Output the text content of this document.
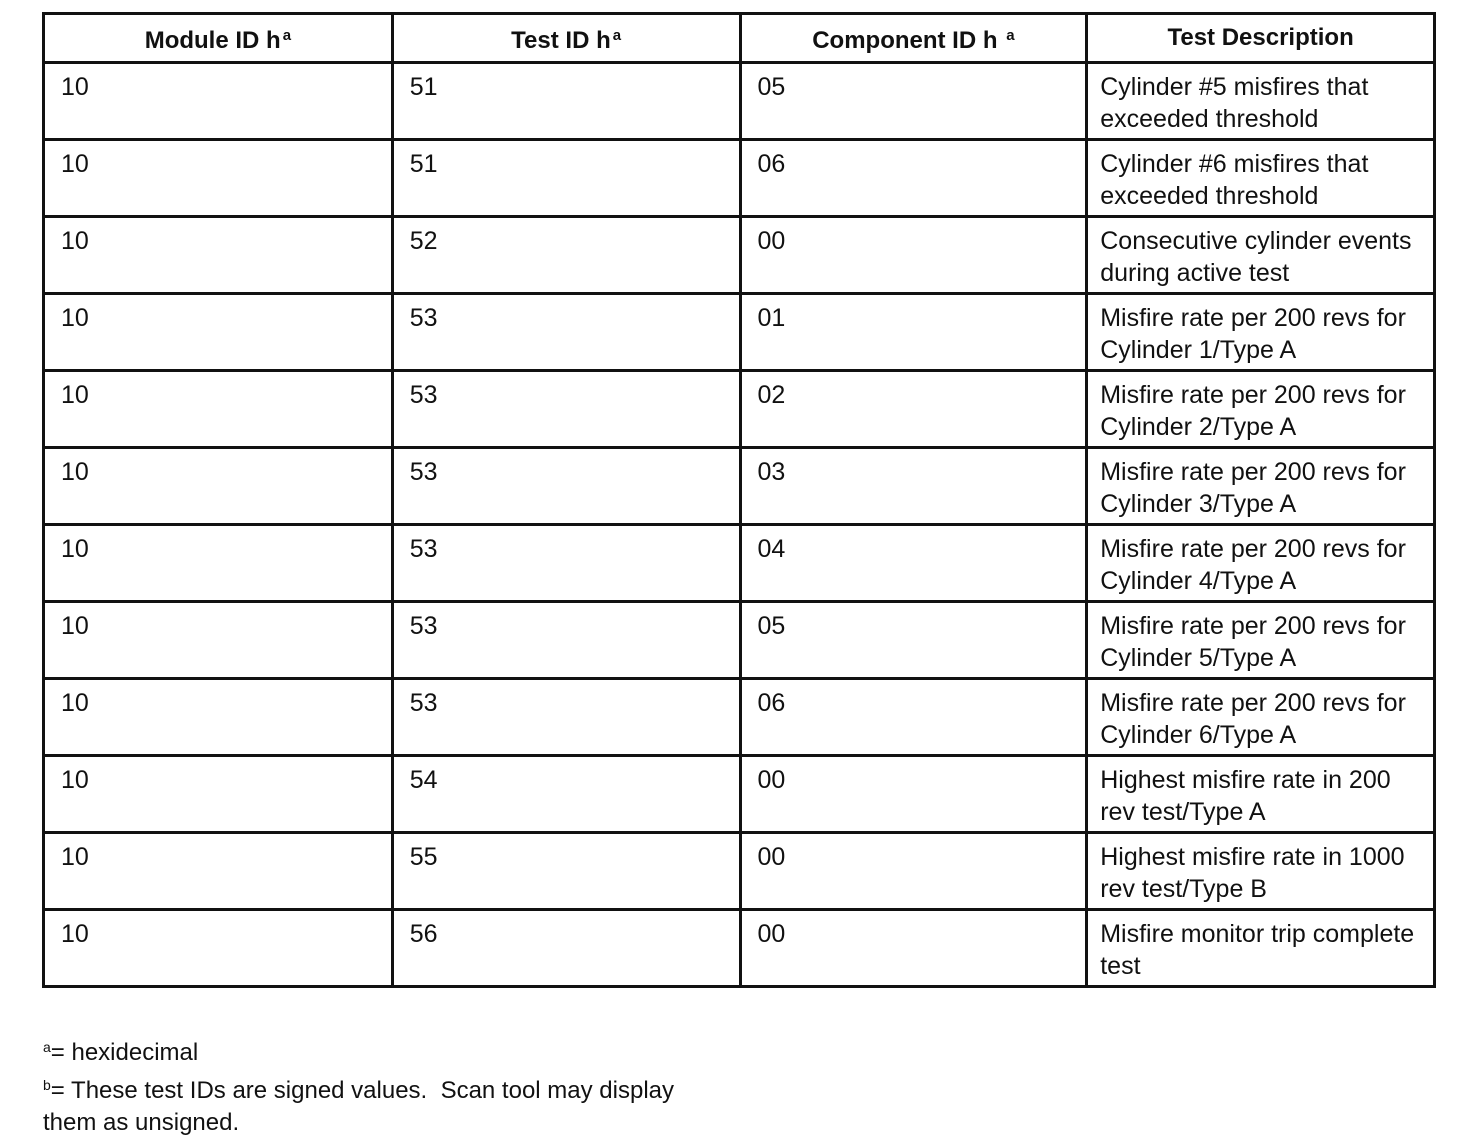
Module ID h $^a$	Test ID h $^a$	Component ID h $^a$	Test Description

10	51	05	Cylinder #5 misfires that exceeded threshold

10	51	06	Cylinder #6 misfires that exceeded threshold

10	52	00	Consecutive cylinder events during active test

10	53	01	Misfire rate per 200 revs for Cylinder 1/Type A

10	53	02	Misfire rate per 200 revs for Cylinder 2/Type A

10	53	03	Misfire rate per 200 revs for Cylinder 3/Type A

10	53	04	Misfire rate per 200 revs for Cylinder 4/Type A

10	53	05	Misfire rate per 200 revs for Cylinder 5/Type A

10	53	06	Misfire rate per 200 revs for Cylinder 6/Type A

10	54	00	Highest misfire rate in 200 rev test/Type A

10	55	00	Highest misfire rate in 1000 rev test/Type B

10	56	00	Misfire monitor trip complete test
$^a$= hexidecimal
$^b$= These test IDs are signed values.  Scan tool may display them as unsigned.
